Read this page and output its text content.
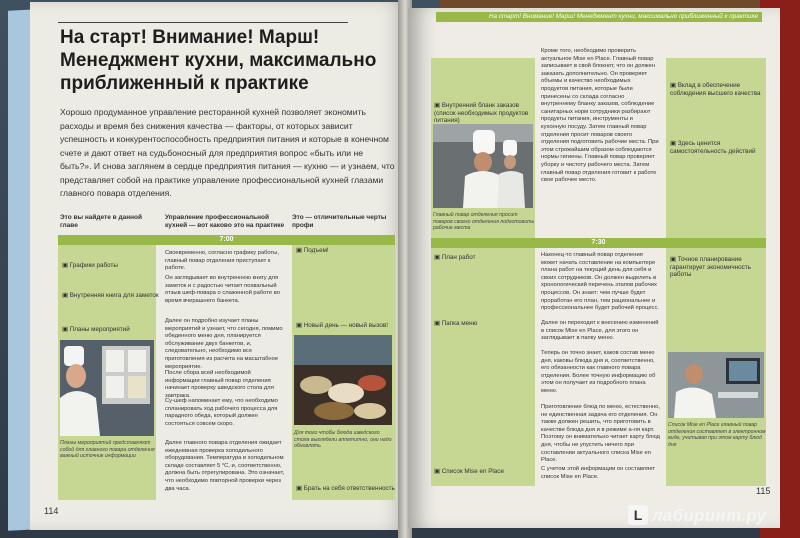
На старт! Внимание! Марш! Менеджмент кухни, максимально приближенный к практике
Хорошо продуманное управление ресторанной кухней позволяет экономить расходы и время без снижения качества — факторы, от которых зависит успешность и конкурентоспособность предприятия питания и которые в конечном счете и дают ответ на судьбоносный для предприятия вопрос «быть или не быть?». И снова заглянем в сердце предприятия питания — кухню — и узнаем, что представляет собой на практике управление профессиональной кухней глазами главного повара отделения.
Это вы найдете в данной главе
Управление профессиональной кухней — вот каково это на практике
Это — отличительные черты профи
7:00
▣ Графики работы
▣ Внутренняя книга для заметок
▣ Планы мероприятий
Планы мероприятий представляют собой для главного повара отделения важный источник информации
Своевременно, согласно графику работы, главный повар отделения приступает к работе.
Он заглядывает во внутреннюю книгу для заметок и с радостью читает похвальный отзыв шеф-повара о слаженной работе во время вчерашнего банкета.
Далее он подробно изучает планы мероприятий и узнает, что сегодня, помимо обеденного меню дня, планируется обслуживание двух банкетов, и, следовательно, необходимо все приготовления из расчета на масштабное мероприятие.
После сбора всей необходимой информации главный повар отделения начинает проверку шведского стола для завтрака.
Су-шеф напоминает ему, что необходимо спланировать ход рабочего процесса для парадного обеда, который должен состояться совсем скоро.
Далее главного повара отделения ожидает ежедневная проверка холодильного оборудования. Температура в холодильном складе составляет 5 °С, и, соответственно, должна быть отрегулирована. Это означает, что необходимо повторной проверки через два часа.
▣ Подъем!
▣ Новый день — новый вызов!
▣ Брать на себя ответственность
Для того чтобы блюда шведского стола выглядели аппетитно, они надо обновлять
114
На старт! Внимание! Марш! Менеджмент кухни, максимально приближенный к практике
▣ Внутренний бланк заказов (список необходимых продуктов питания)
Главный повар отделения просит поваров своего отделения подготовить рабочие места
Кроме того, необходимо проверить актуальное Mise en Place. Главный повар записывает в свой блокнот, что он должен заказать дополнительно. Он проверяет объемы и качество необходимых продуктов питания, которые были принесены со склада согласно внутреннему бланку заказов, соблюдение санитарных норм сотрудники разбирают продукты питания, инструменты и кухонную посуду. Затем главный повар отделения просит поваров своего отделения подготовить рабочие места. При этом строжайшим образом соблюдаются нормы гигиены. Главный повар проверяет уборку и чистоту рабочего места. Затем главный повар отделения готовит к работе свое рабочее место.
▣ Вклад в обеспечение соблюдения высшего качества
▣ Здесь ценится самостоятельность действий
7:30
▣ План работ
▣ Папка меню
▣ Список Mise en Place
Наконец-то главный повар отделения может начать составление на компьютере плана работ на текущий день для себя и своих сотрудников. Он должен выделить в хронологический перечень этапов рабочих процессов. Он знает: чем лучше будет проработан его план, тем рациональнее и профессиональнее будет рабочий процесс.
Далее он переходит к внесению изменений в список Mise en Place, для этого он заглядывает в папку меню.
Теперь он точно знает, каков состав меню дня, каковы блюда дня и, соответственно, его обязанности как главного повара отделения. Более точную информацию об этом он получает из подробного плана меню.
Приготовление блюд по меню, естественно, не единственная задача его отделения. Он также должен решить, что приготовить в качестве блюда дня и в режиме а-ля карт. Поэтому он внимательно читает карту блюд дня, чтобы не упустить ничего при составлении актуального списка Mise en Place.
С учетом этой информации он составляет список Mise en Place.
▣ Точное планирование гарантирует экономичность работы
Список Mise en Place главный повар отделения составляет в электронном виде, учитывая при этом карту блюд дня
115
L лабиринт.ру
